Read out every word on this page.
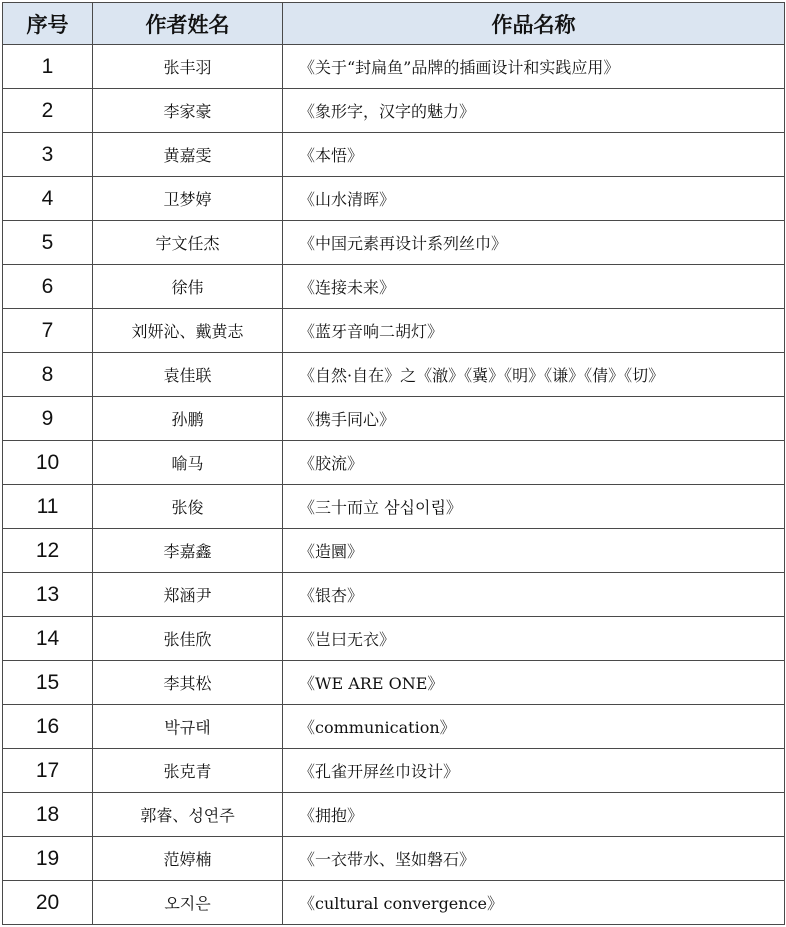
序号	作者姓名	作品名称
1	张丰羽	《关于“封扁鱼”品牌的插画设计和实践应用》
2	李家豪	《象形字，汉字的魅力》
3	黄嘉雯	《本悟》
4	卫梦婷	《山水清晖》
5	宇文任杰	《中国元素再设计系列丝巾》
6	徐伟	《连接未来》
7	刘妍沁、戴黄志	《蓝牙音响二胡灯》
8	袁佳联	《自然·自在》之《澈》《冀》《明》《谦》《倩》《切》
9	孙鹏	《携手同心》
10	喻马	《胶流》
11	张俊	《三十而立 삼십이립》
12	李嘉鑫	《造圜》
13	郑涵尹	《银杏》
14	张佳欣	《岂曰无衣》
15	李其松	《WE ARE ONE》
16	박규태	《communication》
17	张克青	《孔雀开屏丝巾设计》
18	郭睿、성연주	《拥抱》
19	范婷楠	《一衣带水、坚如磐石》
20	오지은	《cultural convergence》
